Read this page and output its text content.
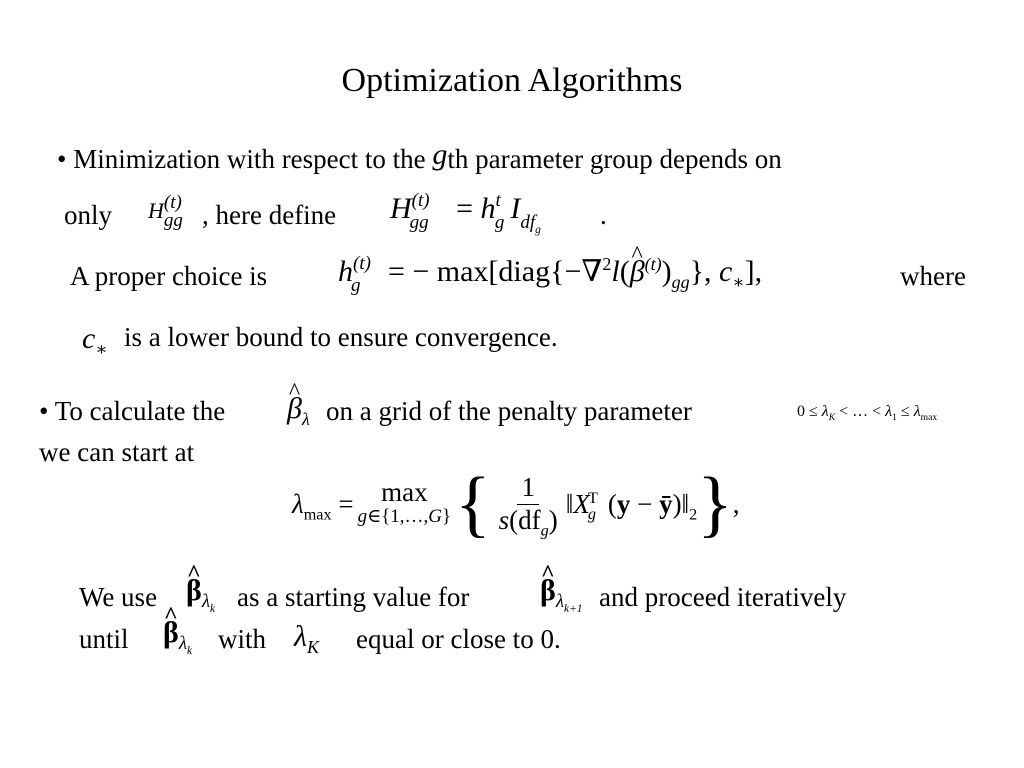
Optimization Algorithms
• Minimization with respect to the gth parameter group depends on
only H(t)gg , here define $H^{(t)}_{gg} = h^t_g$ $I_{df_g}$ .
A proper choice is $h^{(t)}_g$ = − max[diag{−∇$^2$l(^ $\beta^{(t)})_{gg}$}, $c_∗$],	where
$c_∗$ is a lower bound to ensure convergence.
• To calculate the ^ $\beta_\lambda$ on a grid of the penalty parameter	$0 \le \lambda_K$ < … < $\lambda_1 \le \lambda_{max}$
we can start at
$\lambda_{max} = \max$
g∈{1,…,G} { $\frac{1}{s(df_g)}$ $‖X_g^T$ $(y - ȳ)‖_2$ } ,
We use ^ $\beta_{\lambda_k}$ as a starting value for ^ $\beta_{\lambda_{k+1}}$ and proceed iteratively
until ^ $\beta_{\lambda_k}$ with $\lambda_K$ equal or close to 0.
